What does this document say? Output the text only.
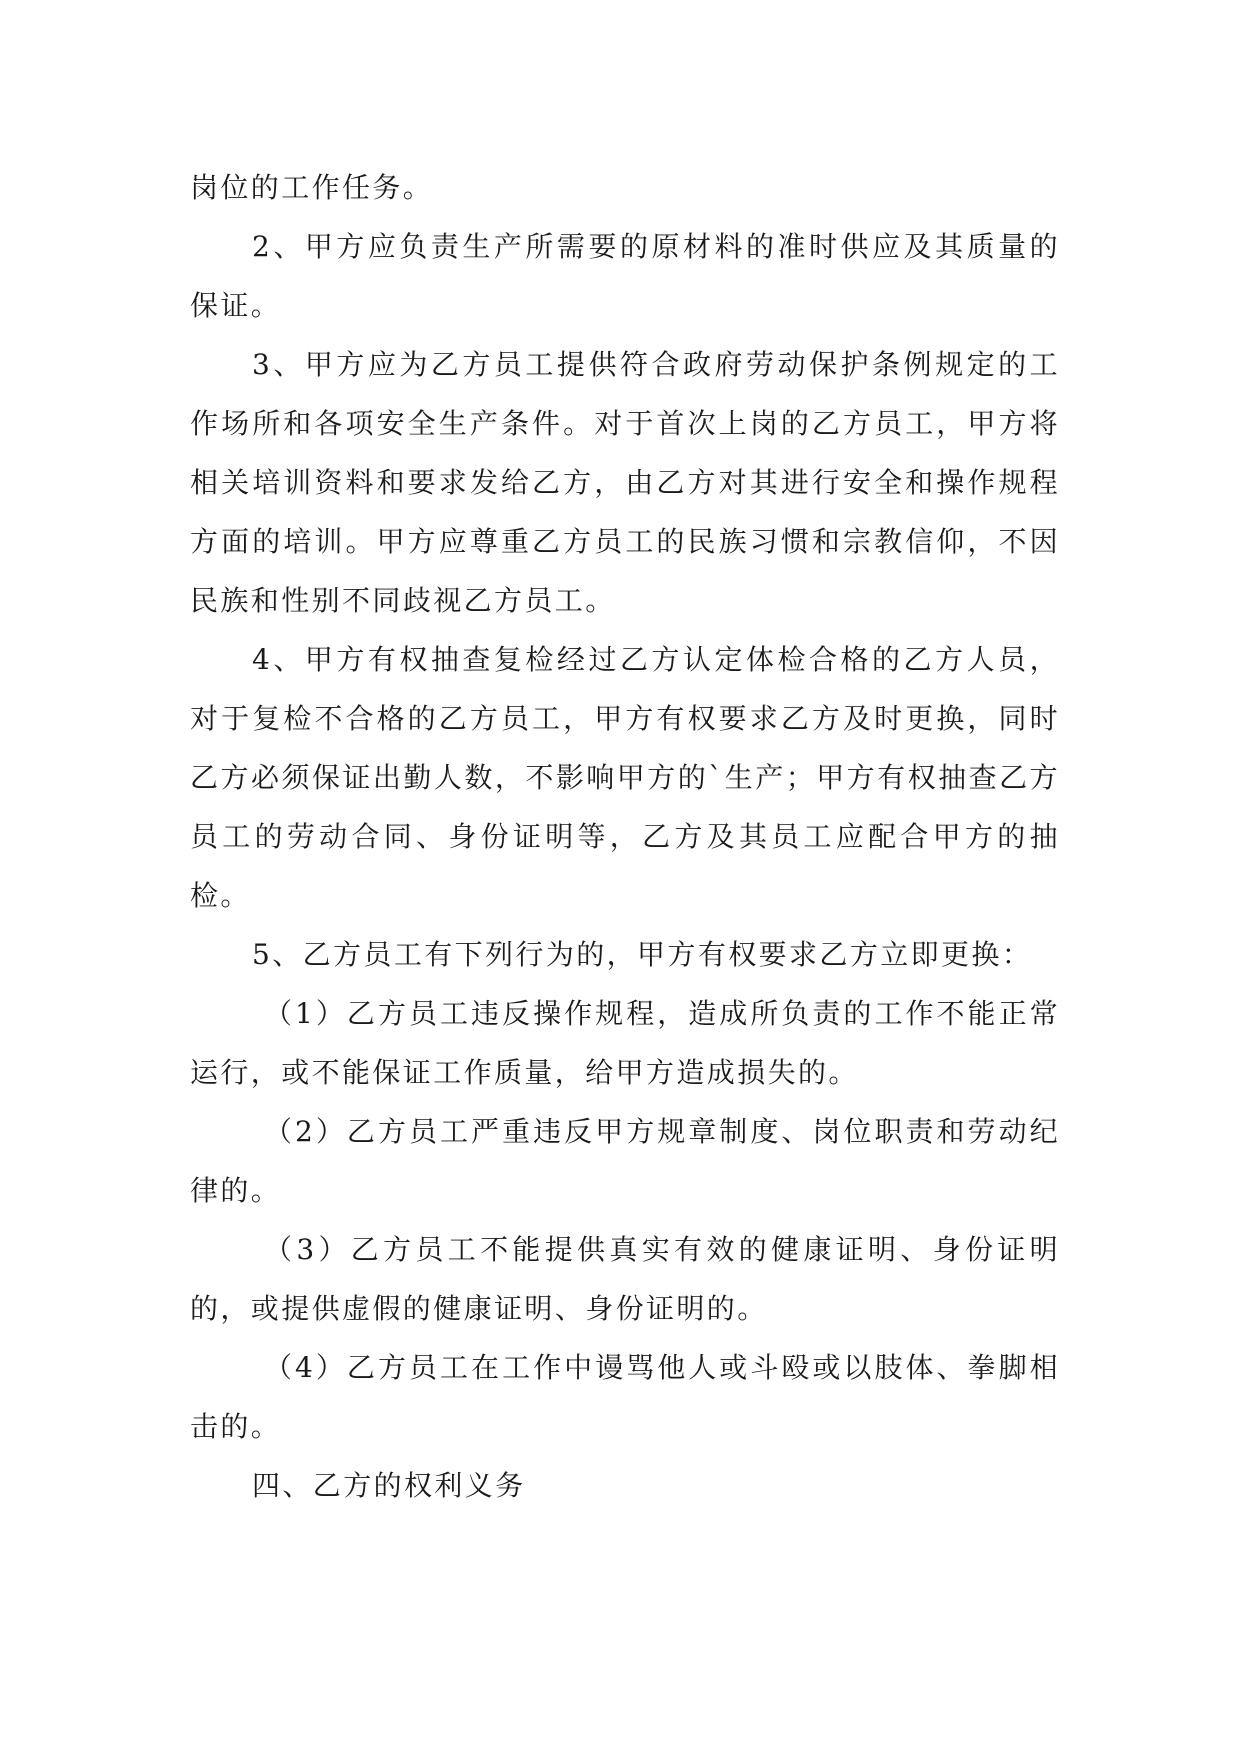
岗位的工作任务。

2、甲方应负责生产所需要的原材料的准时供应及其质量的保证。

3、甲方应为乙方员工提供符合政府劳动保护条例规定的工作场所和各项安全生产条件。对于首次上岗的乙方员工，甲方将相关培训资料和要求发给乙方，由乙方对其进行安全和操作规程方面的培训。甲方应尊重乙方员工的民族习惯和宗教信仰，不因民族和性别不同歧视乙方员工。

4、甲方有权抽查复检经过乙方认定体检合格的乙方人员，对于复检不合格的乙方员工，甲方有权要求乙方及时更换，同时乙方必须保证出勤人数，不影响甲方的`生产；甲方有权抽查乙方员工的劳动合同、身份证明等，乙方及其员工应配合甲方的抽检。

5、乙方员工有下列行为的，甲方有权要求乙方立即更换：

（1）乙方员工违反操作规程，造成所负责的工作不能正常运行，或不能保证工作质量，给甲方造成损失的。

（2）乙方员工严重违反甲方规章制度、岗位职责和劳动纪律的。

（3）乙方员工不能提供真实有效的健康证明、身份证明的，或提供虚假的健康证明、身份证明的。

（4）乙方员工在工作中谩骂他人或斗殴或以肢体、拳脚相击的。

四、乙方的权利义务
